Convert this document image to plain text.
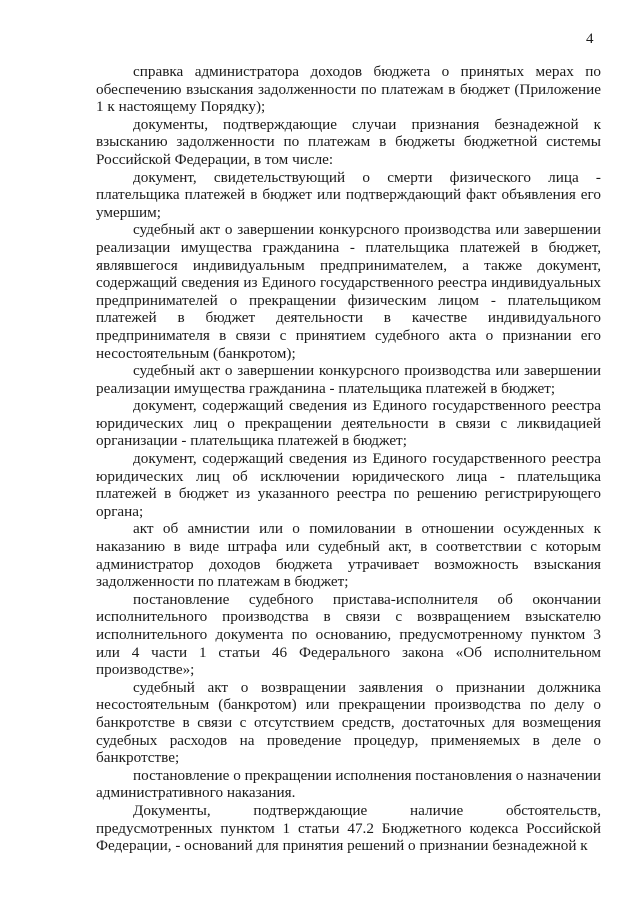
4

справка администратора доходов бюджета о принятых мерах по обеспечению взыскания задолженности по платежам в бюджет (Приложение 1 к настоящему Порядку);

документы, подтверждающие случаи признания безнадежной к взысканию задолженности по платежам в бюджеты бюджетной системы Российской Федерации, в том числе:

документ, свидетельствующий о смерти физического лица - плательщика платежей в бюджет или подтверждающий факт объявления его умершим;

судебный акт о завершении конкурсного производства или завершении реализации имущества гражданина - плательщика платежей в бюджет, являвшегося индивидуальным предпринимателем, а также документ, содержащий сведения из Единого государственного реестра индивидуальных предпринимателей о прекращении физическим лицом - плательщиком платежей в бюджет деятельности в качестве индивидуального предпринимателя в связи с принятием судебного акта о признании его несостоятельным (банкротом);

судебный акт о завершении конкурсного производства или завершении реализации имущества гражданина - плательщика платежей в бюджет;

документ, содержащий сведения из Единого государственного реестра юридических лиц о прекращении деятельности в связи с ликвидацией организации - плательщика платежей в бюджет;

документ, содержащий сведения из Единого государственного реестра юридических лиц об исключении юридического лица - плательщика платежей в бюджет из указанного реестра по решению регистрирующего органа;

акт об амнистии или о помиловании в отношении осужденных к наказанию в виде штрафа или судебный акт, в соответствии с которым администратор доходов бюджета утрачивает возможность взыскания задолженности по платежам в бюджет;

постановление судебного пристава-исполнителя об окончании исполнительного производства в связи с возвращением взыскателю исполнительного документа по основанию, предусмотренному пунктом 3 или 4 части 1 статьи 46 Федерального закона «Об исполнительном производстве»;

судебный акт о возвращении заявления о признании должника несостоятельным (банкротом) или прекращении производства по делу о банкротстве в связи с отсутствием средств, достаточных для возмещения судебных расходов на проведение процедур, применяемых в деле о банкротстве;

постановление о прекращении исполнения постановления о назначении административного наказания.

Документы, подтверждающие наличие обстоятельств, предусмотренных пунктом 1 статьи 47.2 Бюджетного кодекса Российской Федерации, - оснований для принятия решений о признании безнадежной к
